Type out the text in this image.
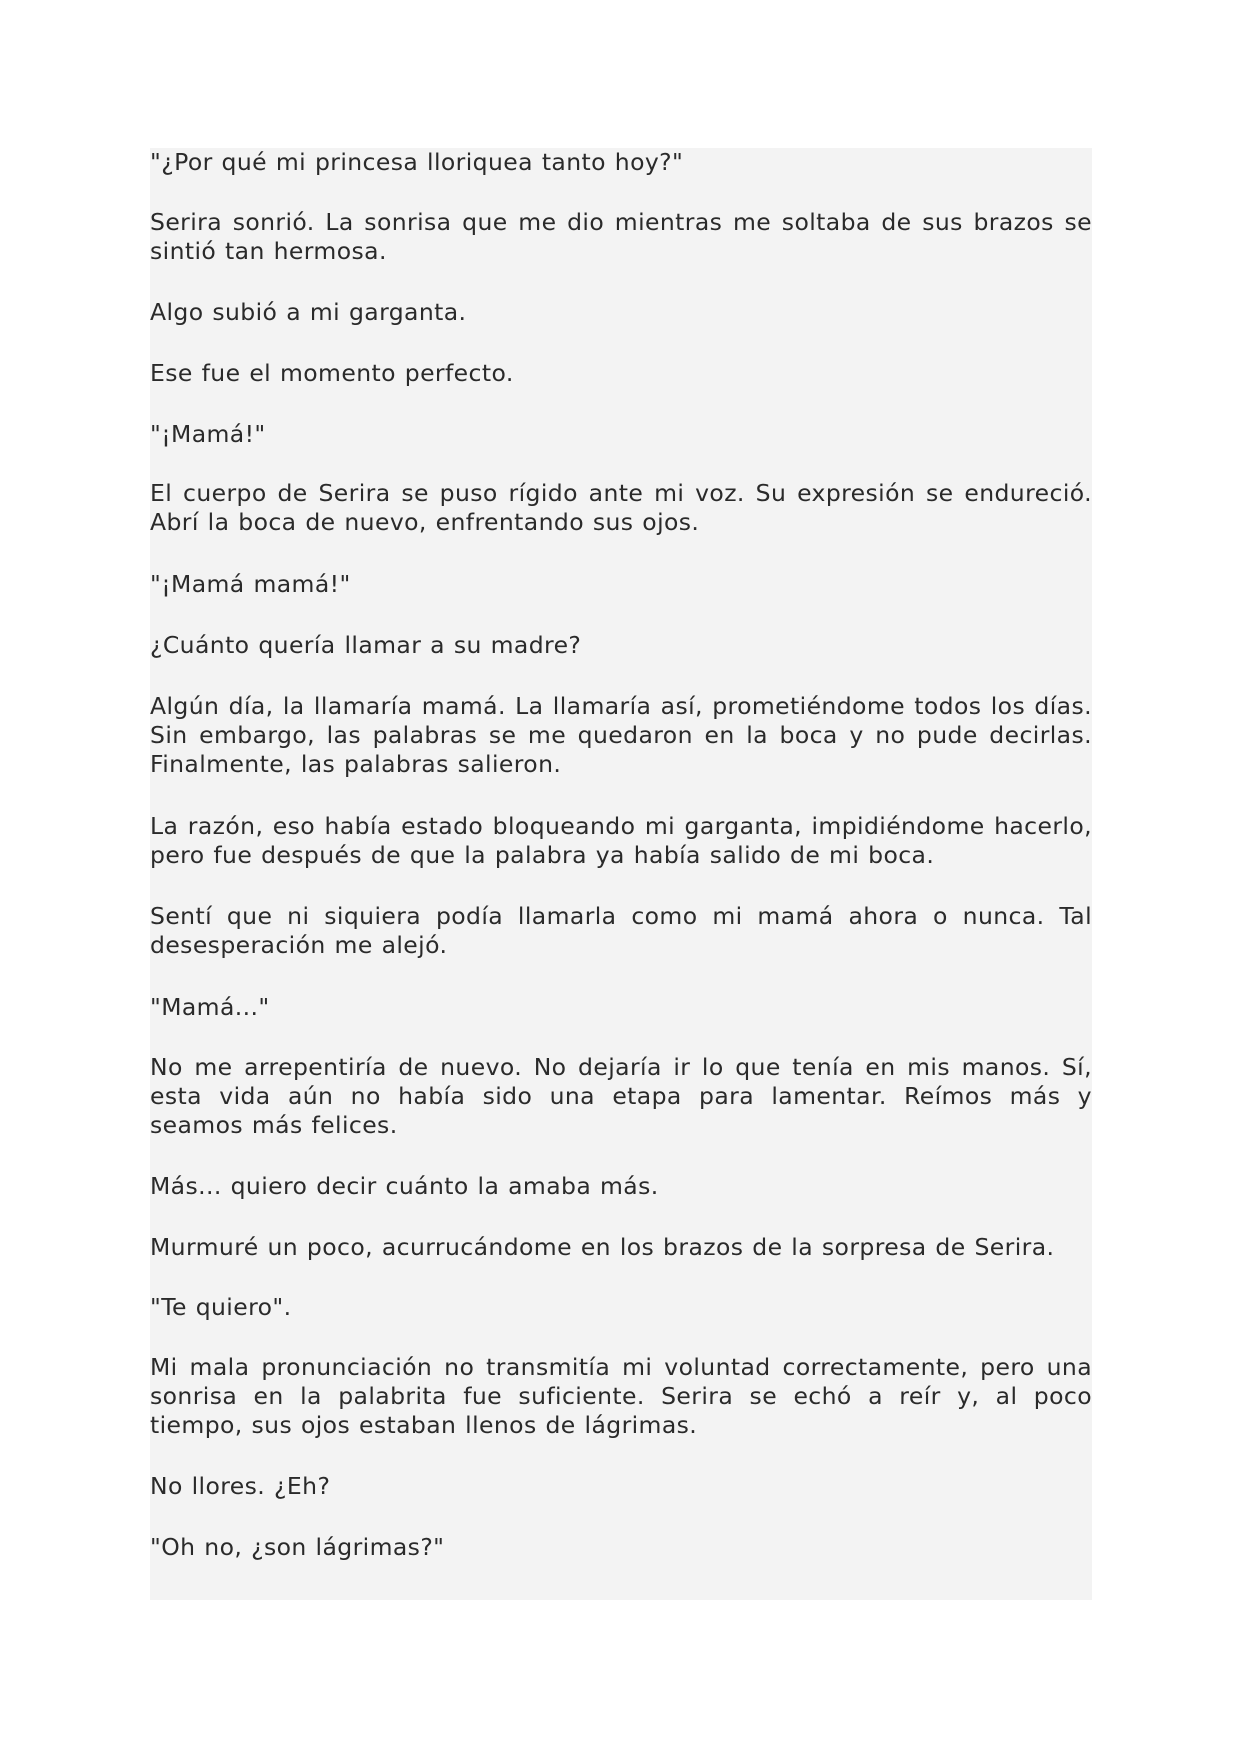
"¿Por qué mi princesa lloriquea tanto hoy?"

Serira sonrió. La sonrisa que me dio mientras me soltaba de sus brazos se sintió tan hermosa.

Algo subió a mi garganta.

Ese fue el momento perfecto.

"¡Mamá!"

El cuerpo de Serira se puso rígido ante mi voz. Su expresión se endureció. Abrí la boca de nuevo, enfrentando sus ojos.

"¡Mamá mamá!"

¿Cuánto quería llamar a su madre?

Algún día, la llamaría mamá. La llamaría así, prometiéndome todos los días. Sin embargo, las palabras se me quedaron en la boca y no pude decirlas. Finalmente, las palabras salieron.

La razón, eso había estado bloqueando mi garganta, impidiéndome hacerlo, pero fue después de que la palabra ya había salido de mi boca.

Sentí que ni siquiera podía llamarla como mi mamá ahora o nunca. Tal desesperación me alejó.

"Mamá..."

No me arrepentiría de nuevo. No dejaría ir lo que tenía en mis manos. Sí, esta vida aún no había sido una etapa para lamentar. Reímos más y seamos más felices.

Más... quiero decir cuánto la amaba más.

Murmuré un poco, acurrucándome en los brazos de la sorpresa de Serira.

"Te quiero".

Mi mala pronunciación no transmitía mi voluntad correctamente, pero una sonrisa en la palabrita fue suficiente. Serira se echó a reír y, al poco tiempo, sus ojos estaban llenos de lágrimas.

No llores. ¿Eh?

"Oh no, ¿son lágrimas?"
